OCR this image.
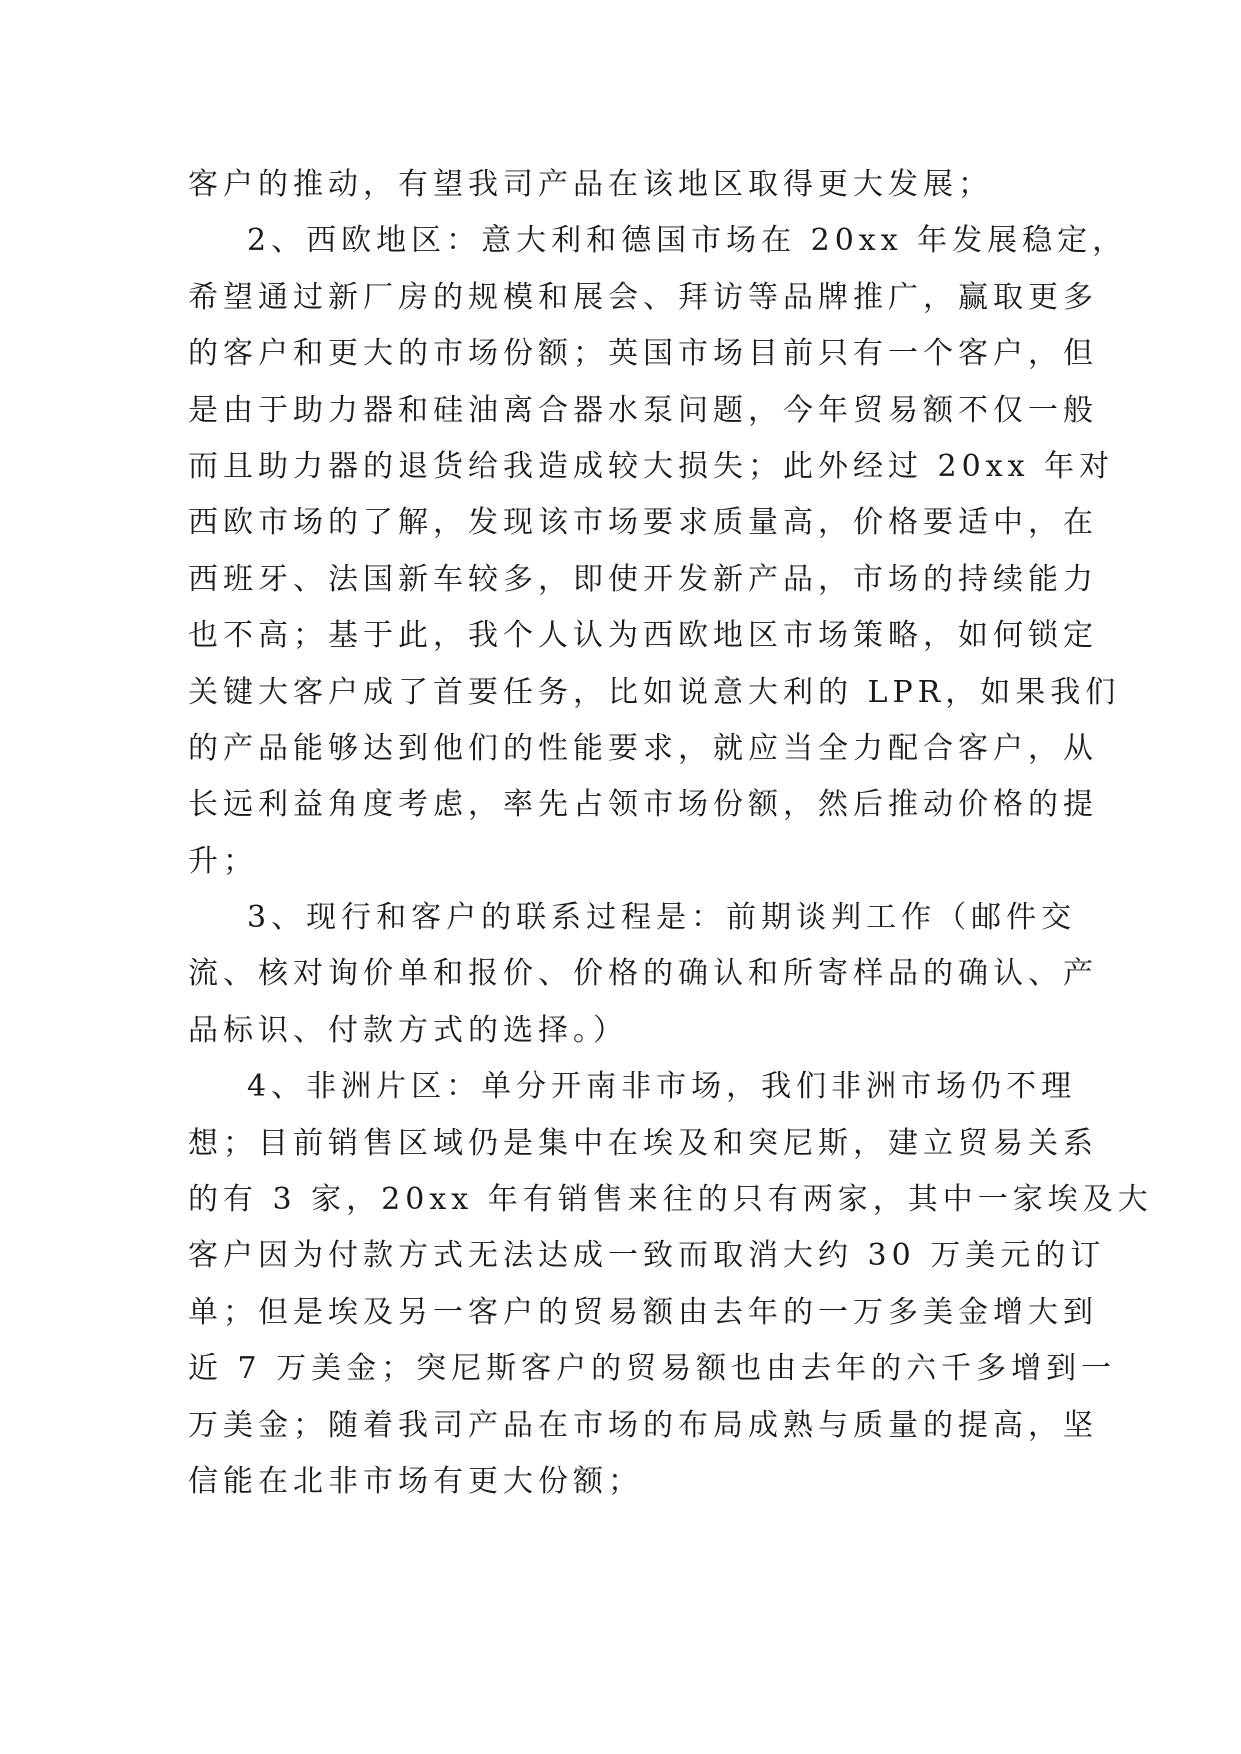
客户的推动，有望我司产品在该地区取得更大发展；
2、西欧地区：意大利和德国市场在 20xx 年发展稳定，
希望通过新厂房的规模和展会、拜访等品牌推广，赢取更多
的客户和更大的市场份额；英国市场目前只有一个客户，但
是由于助力器和硅油离合器水泵问题，今年贸易额不仅一般
而且助力器的退货给我造成较大损失；此外经过 20xx 年对
西欧市场的了解，发现该市场要求质量高，价格要适中，在
西班牙、法国新车较多，即使开发新产品，市场的持续能力
也不高；基于此，我个人认为西欧地区市场策略，如何锁定
关键大客户成了首要任务，比如说意大利的 LPR，如果我们
的产品能够达到他们的性能要求，就应当全力配合客户，从
长远利益角度考虑，率先占领市场份额，然后推动价格的提
升；
3、现行和客户的联系过程是：前期谈判工作（邮件交
流、核对询价单和报价、价格的确认和所寄样品的确认、产
品标识、付款方式的选择。）
4、非洲片区：单分开南非市场，我们非洲市场仍不理
想；目前销售区域仍是集中在埃及和突尼斯，建立贸易关系
的有 3 家，20xx 年有销售来往的只有两家，其中一家埃及大
客户因为付款方式无法达成一致而取消大约 30 万美元的订
单；但是埃及另一客户的贸易额由去年的一万多美金增大到
近 7 万美金；突尼斯客户的贸易额也由去年的六千多增到一
万美金；随着我司产品在市场的布局成熟与质量的提高，坚
信能在北非市场有更大份额；
